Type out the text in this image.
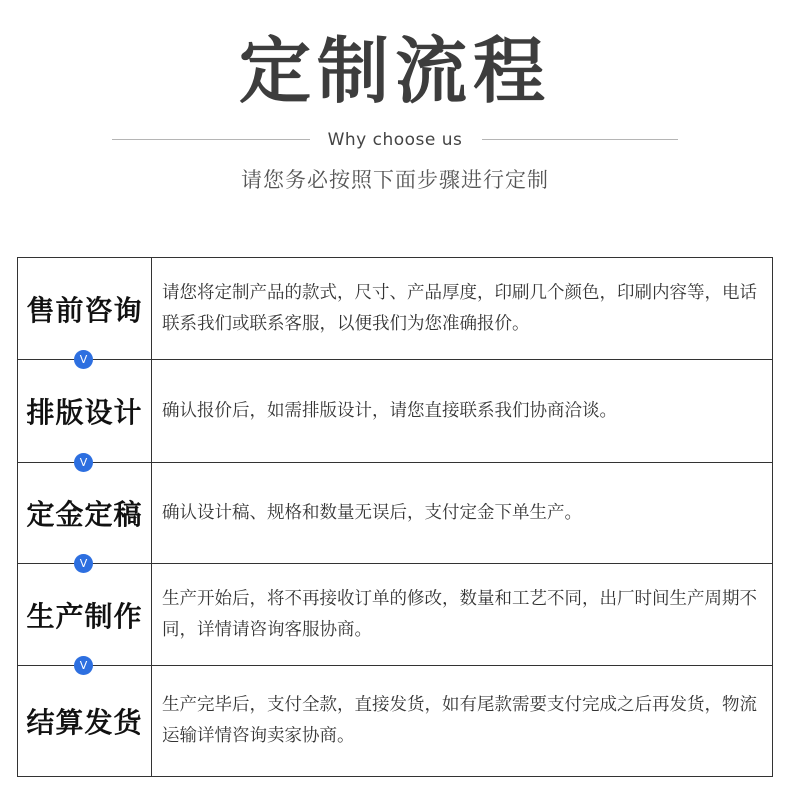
定制流程
Why choose us
请您务必按照下面步骤进行定制
售前咨询
请您将定制产品的款式，尺寸、产品厚度，印刷几个颜色，印刷内容等，电话联系我们或联系客服，以便我们为您准确报价。
排版设计	确认报价后，如需排版设计，请您直接联系我们协商洽谈。
定金定稿	确认设计稿、规格和数量无误后，支付定金下单生产。
生产制作
生产开始后，将不再接收订单的修改，数量和工艺不同，出厂时间生产周期不同，详情请咨询客服协商。
结算发货
生产完毕后，支付全款，直接发货，如有尾款需要支付完成之后再发货，物流运输详情咨询卖家协商。
V
V
V
V
